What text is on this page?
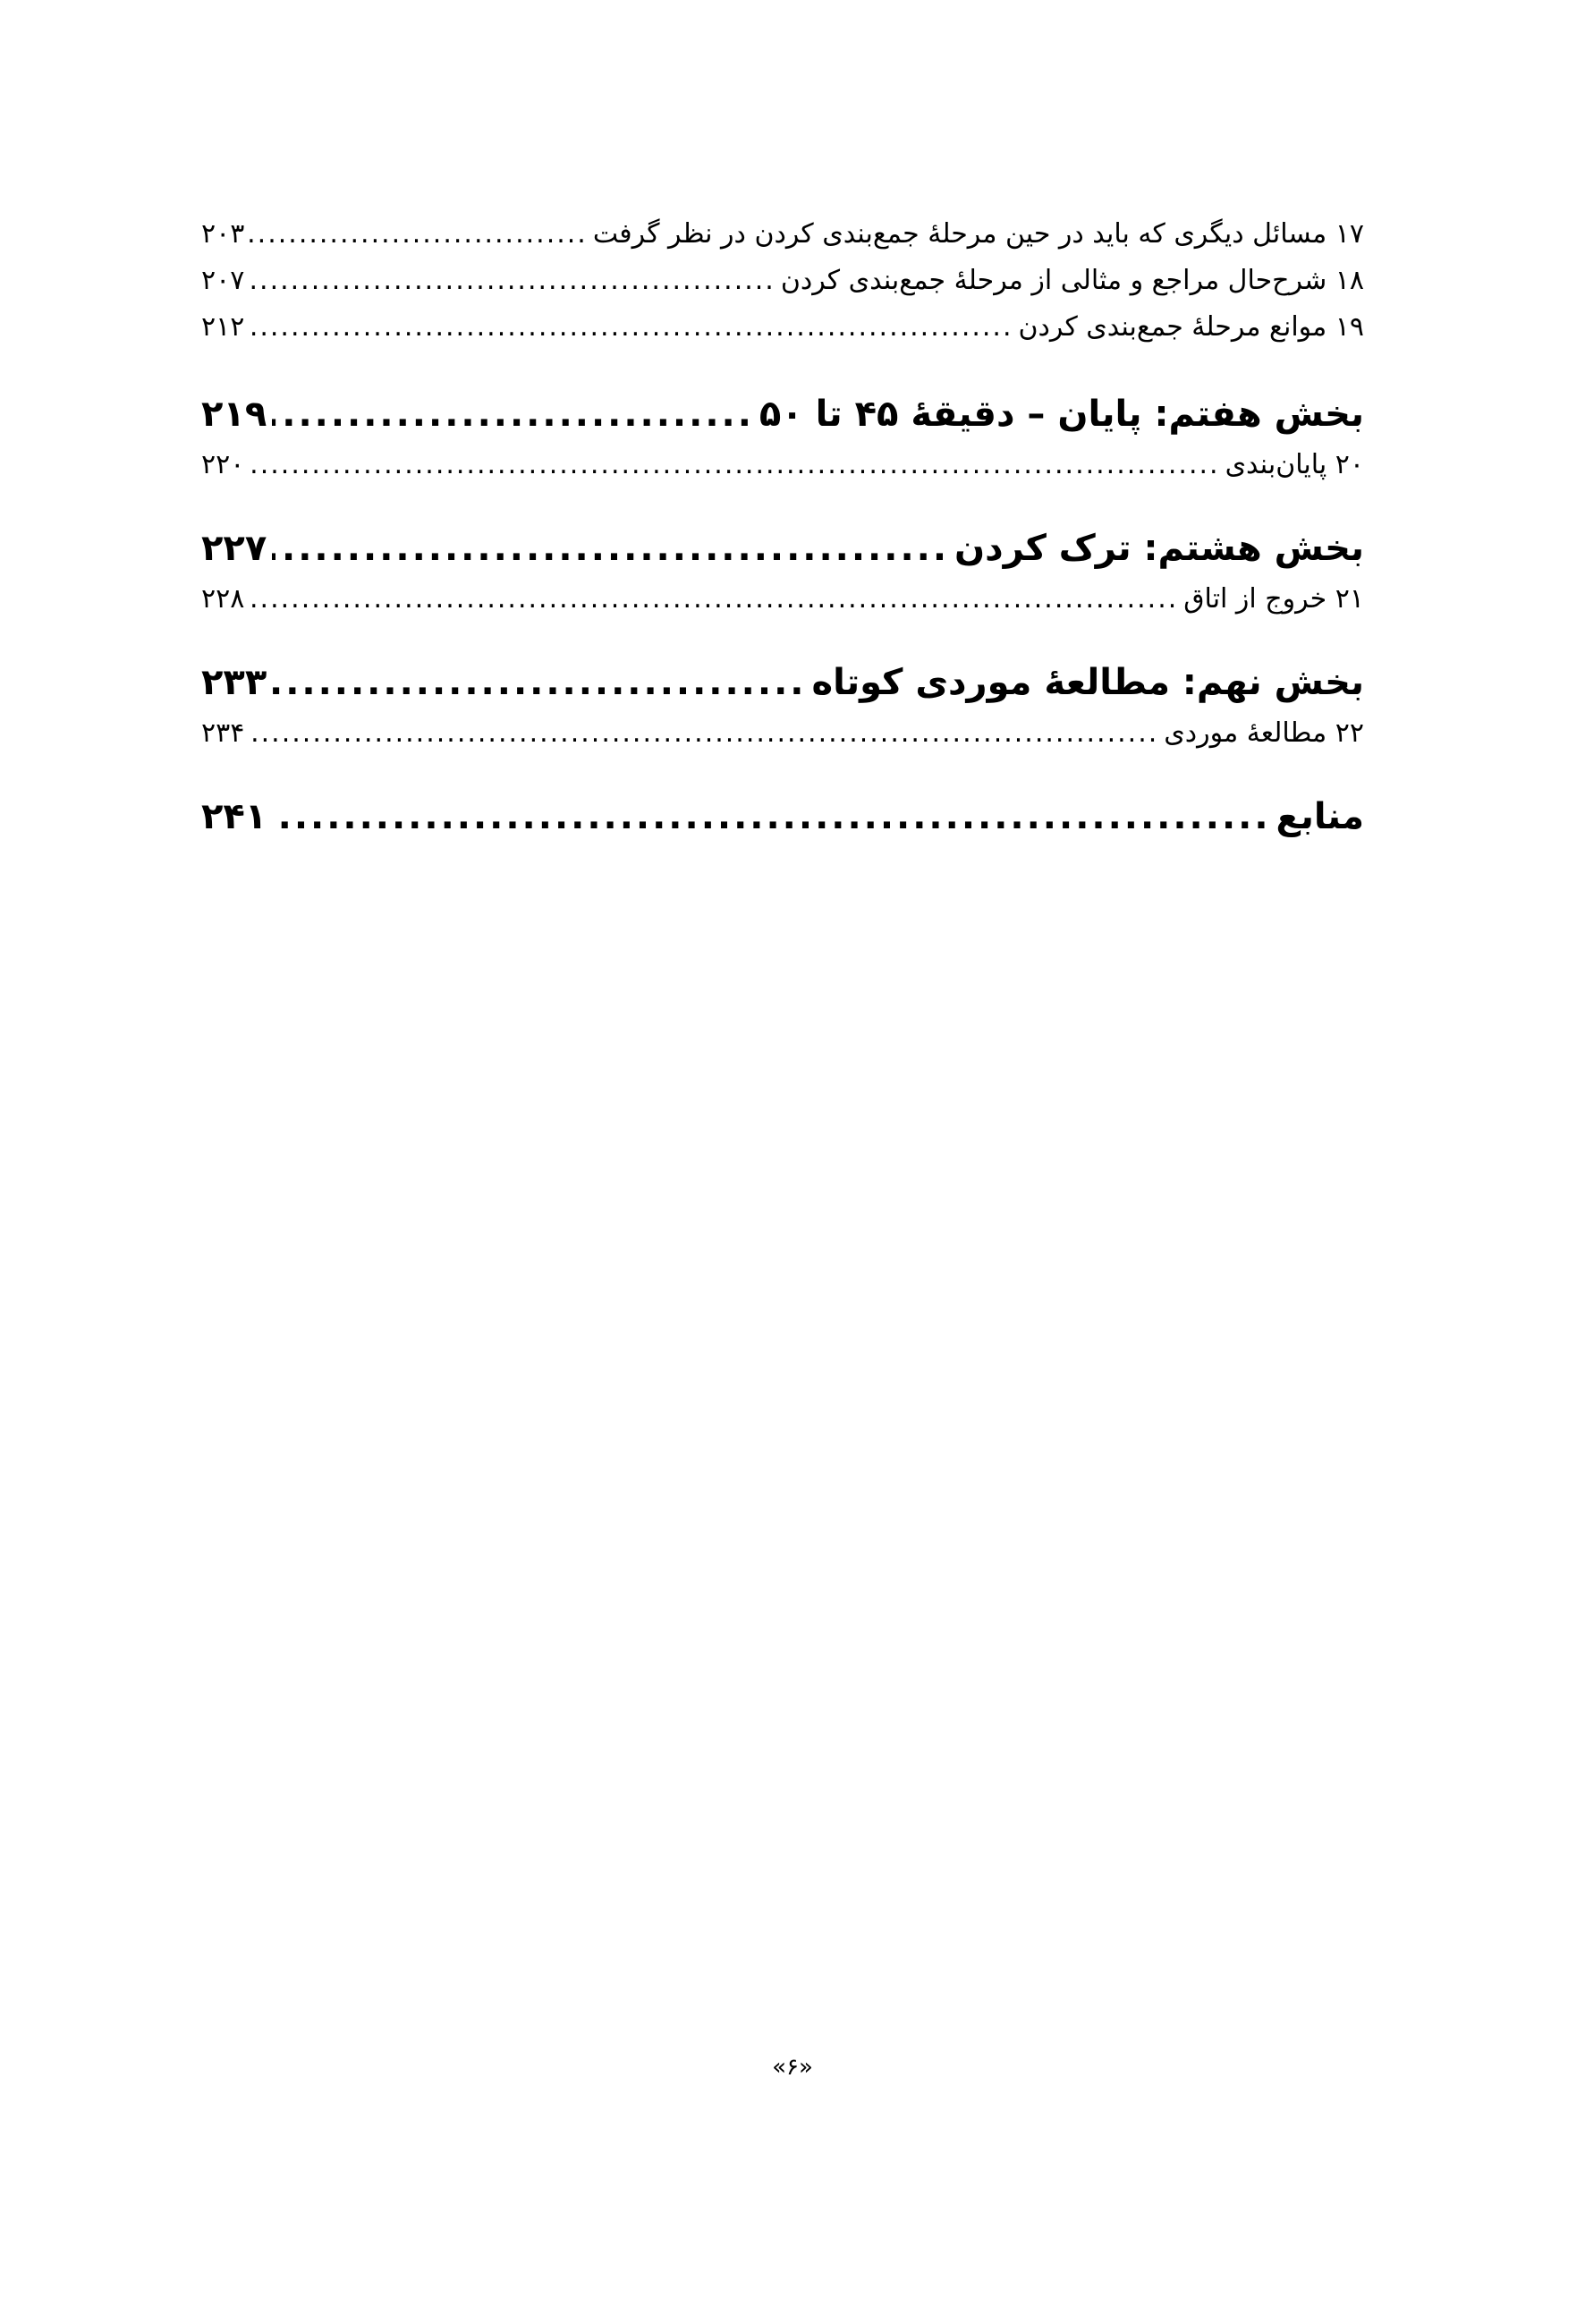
۱۷ مسائل دیگری که باید در حین مرحلۀ جمع‌بندی کردن در نظر گرفت
.....
۲۰۳
۱۸ شرح‌حال مراجع و مثالی از مرحلۀ جمع‌بندی کردن
.....
۲۰۷
۱۹ موانع مرحلۀ جمع‌بندی کردن
.....
۲۱۲
بخش هفتم: پایان – دقیقۀ ۴۵ تا ۵۰
.....
۲۱۹
۲۰ پایان‌بندی
.....
۲۲۰
بخش هشتم: ترک کردن
.....
۲۲۷
۲۱ خروج از اتاق
.....
۲۲۸
بخش نهم: مطالعۀ موردی کوتاه
.....
۲۳۳
۲۲ مطالعۀ موردی
.....
۲۳۴
منابع
.....
۲۴۱
«۶»
